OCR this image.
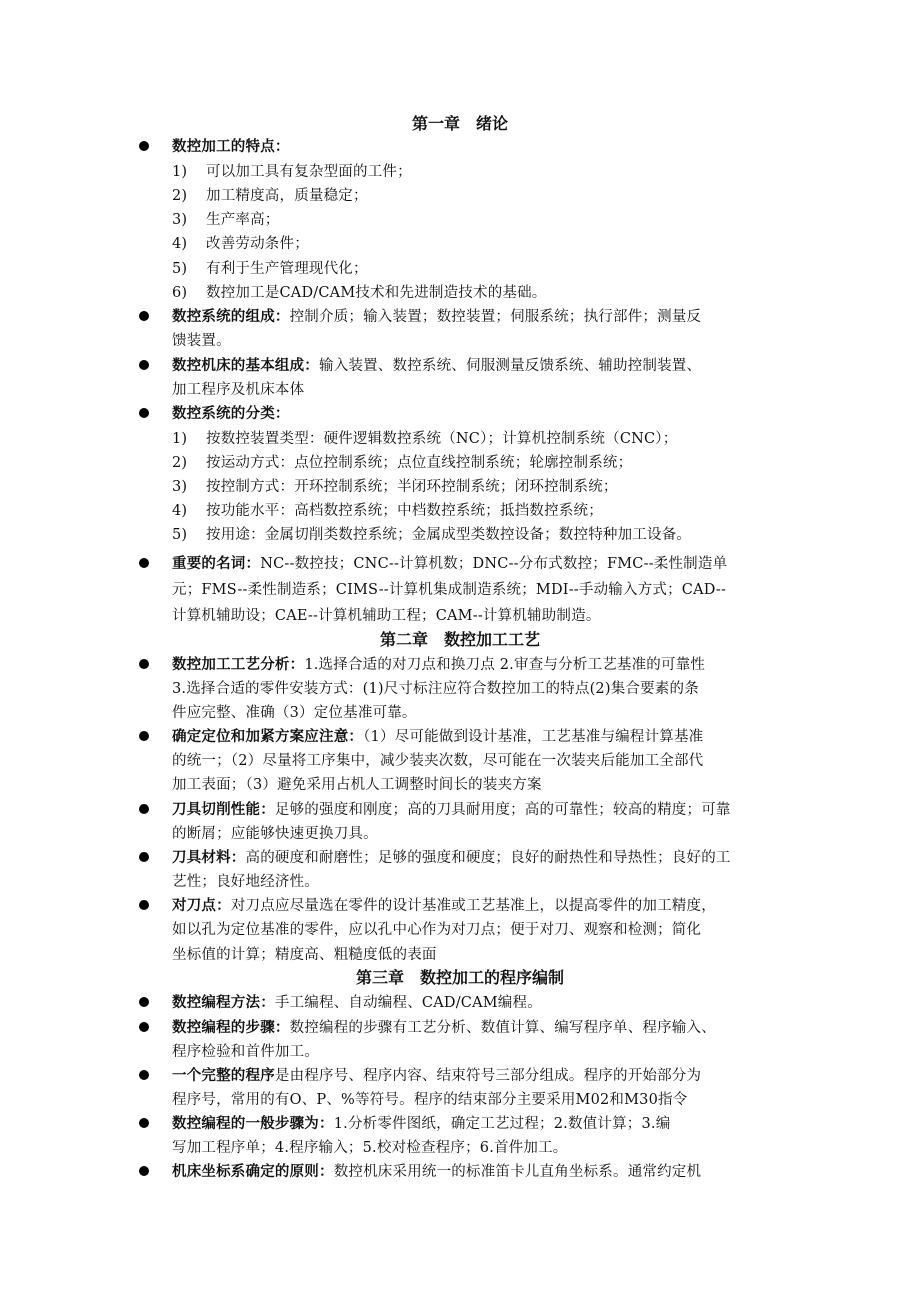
第一章　绪论
数控加工的特点：
1) 可以加工具有复杂型面的工件；
2) 加工精度高，质量稳定；
3) 生产率高；
4) 改善劳动条件；
5) 有利于生产管理现代化；
6) 数控加工是CAD/CAM技术和先进制造技术的基础。
数控系统的组成：控制介质；输入装置；数控装置；伺服系统；执行部件；测量反
馈装置。
数控机床的基本组成：输入装置、数控系统、伺服测量反馈系统、辅助控制装置、
加工程序及机床本体
数控系统的分类：
1) 按数控装置类型：硬件逻辑数控系统（NC）；计算机控制系统（CNC）；
2) 按运动方式：点位控制系统；点位直线控制系统；轮廓控制系统；
3) 按控制方式：开环控制系统；半闭环控制系统；闭环控制系统；
4) 按功能水平：高档数控系统；中档数控系统；抵挡数控系统；
5) 按用途：金属切削类数控系统；金属成型类数控设备；数控特种加工设备。
重要的名词：NC--数控技；CNC--计算机数；DNC--分布式数控；FMC--柔性制造单
元；FMS--柔性制造系；CIMS--计算机集成制造系统；MDI--手动输入方式；CAD--
计算机辅助设；CAE--计算机辅助工程；CAM--计算机辅助制造。
第二章　数控加工工艺
数控加工工艺分析：1.选择合适的对刀点和换刀点 2.审查与分析工艺基准的可靠性
3.选择合适的零件安装方式：(1)尺寸标注应符合数控加工的特点(2)集合要素的条
件应完整、准确（3）定位基准可靠。
确定定位和加紧方案应注意：（1）尽可能做到设计基准，工艺基准与编程计算基准
的统一；（2）尽量将工序集中，减少装夹次数，尽可能在一次装夹后能加工全部代
加工表面；（3）避免采用占机人工调整时间长的装夹方案
刀具切削性能：足够的强度和刚度；高的刀具耐用度；高的可靠性；较高的精度；可靠
的断屑；应能够快速更换刀具。
刀具材料：高的硬度和耐磨性；足够的强度和硬度；良好的耐热性和导热性；良好的工
艺性；良好地经济性。
对刀点：对刀点应尽量选在零件的设计基准或工艺基准上，以提高零件的加工精度，
如以孔为定位基准的零件，应以孔中心作为对刀点；便于对刀、观察和检测；简化
坐标值的计算；精度高、粗糙度低的表面
第三章　数控加工的程序编制
数控编程方法：手工编程、自动编程、CAD/CAM编程。
数控编程的步骤：数控编程的步骤有工艺分析、数值计算、编写程序单、程序输入、
程序检验和首件加工。
一个完整的程序是由程序号、程序内容、结束符号三部分组成。程序的开始部分为
程序号，常用的有O、P、%等符号。程序的结束部分主要采用M02和M30指令
数控编程的一般步骤为：1.分析零件图纸，确定工艺过程；2.数值计算；3.编
写加工程序单；4.程序输入；5.校对检查程序；6.首件加工。
机床坐标系确定的原则：数控机床采用统一的标准笛卡儿直角坐标系。通常约定机
